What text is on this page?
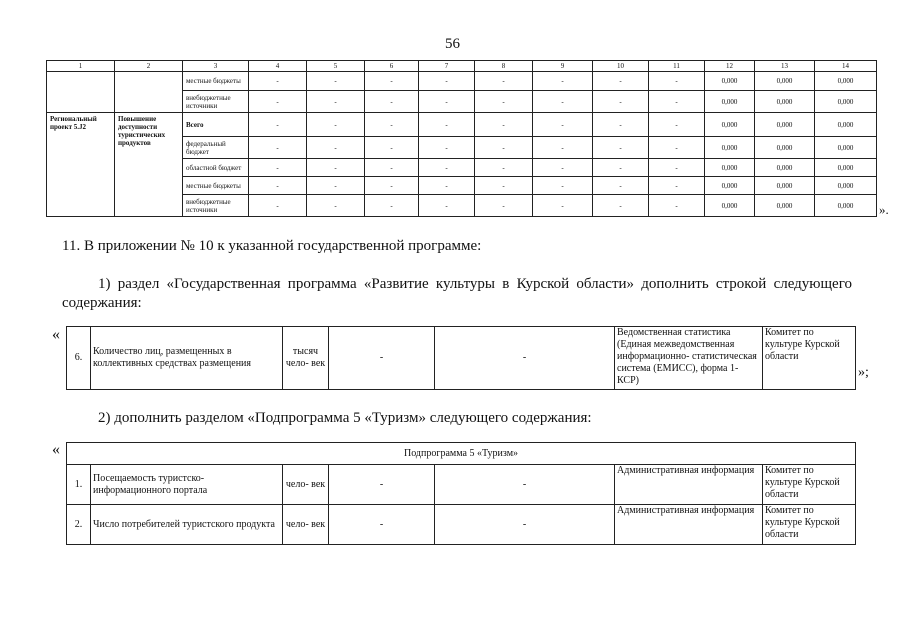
56
1	2	3	4	5	6	7	8	9	10	11	12	13	14
		местные бюджеты	-	-	-	-	-	-	-	-	0,000	0,000	0,000
		внебюджетные источники	-	-	-	-	-	-	-	-	0,000	0,000	0,000
Региональный проект 5.J2	Повышение доступности туристических продуктов	Всего	-	-	-	-	-	-	-	-	0,000	0,000	0,000
		федеральный бюджет	-	-	-	-	-	-	-	-	0,000	0,000	0,000
		областной бюджет	-	-	-	-	-	-	-	-	0,000	0,000	0,000
		местные бюджеты	-	-	-	-	-	-	-	-	0,000	0,000	0,000
		внебюджетные источники	-	-	-	-	-	-	-	-	0,000	0,000	0,000 ».
11. В приложении № 10 к указанной государственной программе:
1) раздел «Государственная программа «Развитие культуры в Курской области» дополнить строкой следующего содержания:
«
6.	Количество лиц, размещенных в коллективных средствах размещения	тысяч чело- век	-	-	Ведомственная статистика (Единая межведомственная информационно- статистическая система (ЕМИСС), форма 1-КСР)	Комитет по культуре Курской области
»;
2) дополнить разделом «Подпрограмма 5 «Туризм» следующего содержания:
«	Подпрограмма 5 «Туризм»						
1.	Посещаемость туристско- информационного портала	чело- век	-	-	Административная информация	Комитет по культуре Курской области
2.	Число потребителей туристского продукта	чело- век	-	-	Административная информация	Комитет по культуре Курской области
